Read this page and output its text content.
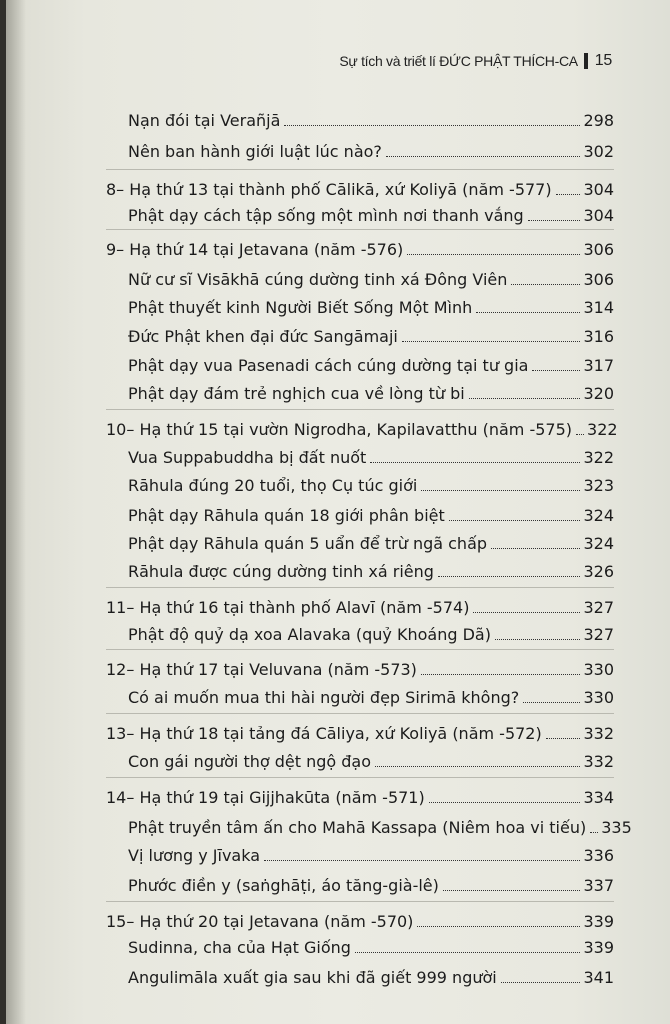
Sự tích và triết lí ĐỨC PHẬT THÍCH-CA 15
Nạn đói tại Verañjā	298
Nên ban hành giới luật lúc nào?	302
8– Hạ thứ 13 tại thành phố Cālikā, xứ Koliyā (năm -577) 304
Phật dạy cách tập sống một mình nơi thanh vắng	304
9– Hạ thứ 14 tại Jetavana (năm -576)	306
Nữ cư sĩ Visākhā cúng dường tinh xá Đông Viên	306
Phật thuyết kinh Người Biết Sống Một Mình	314
Đức Phật khen đại đức Sangāmaji	316
Phật dạy vua Pasenadi cách cúng dường tại tư gia	317
Phật dạy đám trẻ nghịch cua về lòng từ bi	320
10– Hạ thứ 15 tại vườn Nigrodha, Kapilavatthu (năm -575) 322
Vua Suppabuddha bị đất nuốt	322
Rāhula đúng 20 tuổi, thọ Cụ túc giới	323
Phật dạy Rāhula quán 18 giới phân biệt	324
Phật dạy Rāhula quán 5 uẩn để trừ ngã chấp	324
Rāhula được cúng dường tinh xá riêng	326
11– Hạ thứ 16 tại thành phố Alavī (năm -574)	327
Phật độ quỷ dạ xoa Alavaka (quỷ Khoáng Dã)	327
12– Hạ thứ 17 tại Veluvana (năm -573)	330
Có ai muốn mua thi hài người đẹp Sirimā không?	330
13– Hạ thứ 18 tại tảng đá Cāliya, xứ Koliyā (năm -572)	332
Con gái người thợ dệt ngộ đạo	332
14– Hạ thứ 19 tại Gijjhakūta (năm -571)	334
Phật truyền tâm ấn cho Mahā Kassapa (Niêm hoa vi tiếu) 335
Vị lương y Jīvaka	336
Phước điền y (saṅghāṭi, áo tăng-già-lê)	337
15– Hạ thứ 20 tại Jetavana (năm -570)	339
Sudinna, cha của Hạt Giống	339
Angulimāla xuất gia sau khi đã giết 999 người	341
